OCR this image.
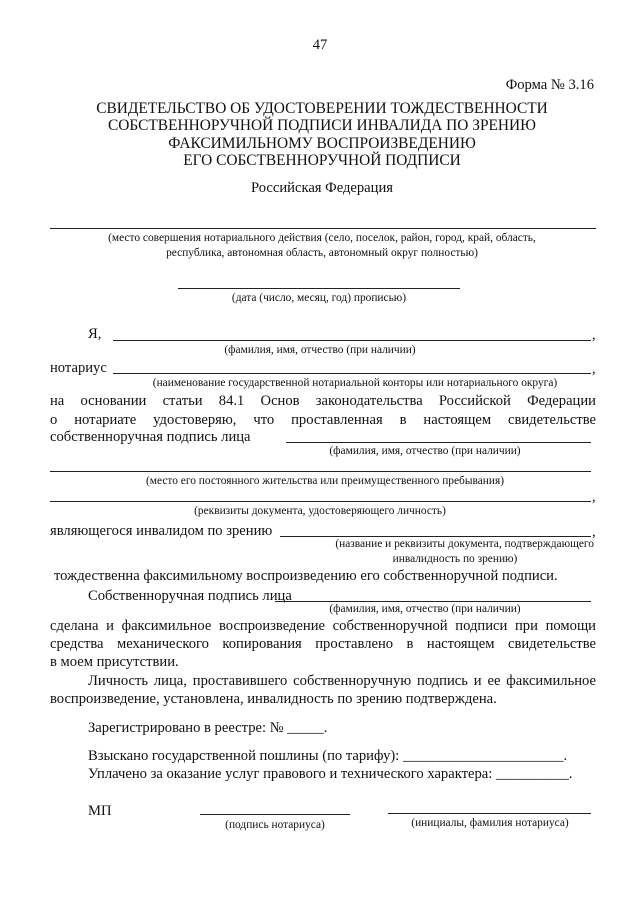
47
Форма № 3.16
СВИДЕТЕЛЬСТВО ОБ УДОСТОВЕРЕНИИ ТОЖДЕСТВЕННОСТИ
СОБСТВЕННОРУЧНОЙ ПОДПИСИ ИНВАЛИДА ПО ЗРЕНИЮ
ФАКСИМИЛЬНОМУ ВОСПРОИЗВЕДЕНИЮ
ЕГО СОБСТВЕННОРУЧНОЙ ПОДПИСИ
Российская Федерация
(место совершения нотариального действия (село, поселок, район, город, край, область,
республика, автономная область, автономный округ полностью)
(дата (число, месяц, год) прописью)
Я,	,
(фамилия, имя, отчество (при наличии)
нотариус	,
(наименование государственной нотариальной конторы или нотариального округа)
на основании статьи 84.1 Основ законодательства Российской Федерации
о нотариате удостоверяю, что проставленная в настоящем свидетельстве
собственноручная подпись лица
(фамилия, имя, отчество (при наличии)
(место его постоянного жительства или преимущественного пребывания)
,
(реквизиты документа, удостоверяющего личность)
являющегося инвалидом по зрению	,
(название и реквизиты документа, подтверждающего
инвалидность по зрению)
тождественна факсимильному воспроизведению его собственноручной подписи.
Собственноручная подпись лица
(фамилия, имя, отчество (при наличии)
сделана и факсимильное воспроизведение собственноручной подписи при помощи
средства механического копирования проставлено в настоящем свидетельстве
в моем присутствии.
Личность лица, проставившего собственноручную подпись и ее факсимильное
воспроизведение, установлена, инвалидность по зрению подтверждена.
Зарегистрировано в реестре: № _____.
Взыскано государственной пошлины (по тарифу): ______________________.
Уплачено за оказание услуг правового и технического характера: __________.
МП
(подпись нотариуса)	(инициалы, фамилия нотариуса)
